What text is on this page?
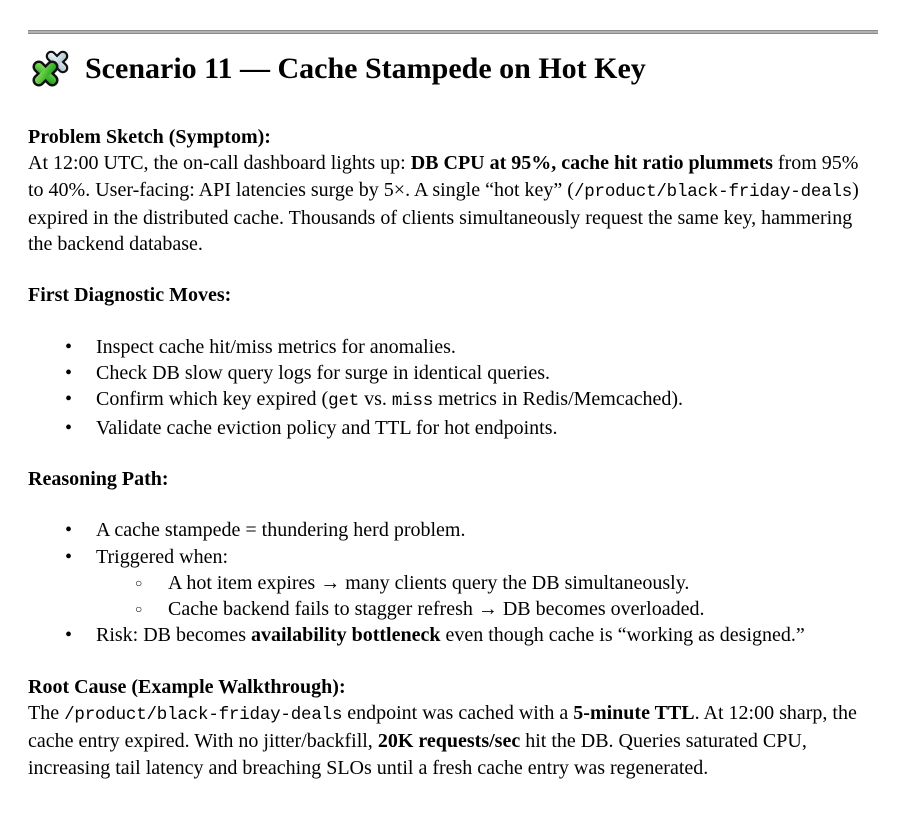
Scenario 11 — Cache Stampede on Hot Key
Problem Sketch (Symptom):

At 12:00 UTC, the on-call dashboard lights up: DB CPU at 95%, cache hit ratio plummets from 95% to 40%. User-facing: API latencies surge by 5×. A single “hot key” (/product/black-friday-deals) expired in the distributed cache. Thousands of clients simultaneously request the same key, hammering the backend database.

First Diagnostic Moves:
• Inspect cache hit/miss metrics for anomalies.
• Check DB slow query logs for surge in identical queries.
• Confirm which key expired (get vs. miss metrics in Redis/Memcached).
• Validate cache eviction policy and TTL for hot endpoints.
Reasoning Path:
• A cache stampede = thundering herd problem.
• Triggered when:
○ A hot item expires → many clients query the DB simultaneously.
○ Cache backend fails to stagger refresh → DB becomes overloaded.
• Risk: DB becomes availability bottleneck even though cache is “working as designed.”
Root Cause (Example Walkthrough):

The /product/black-friday-deals endpoint was cached with a 5-minute TTL. At 12:00 sharp, the cache entry expired. With no jitter/backfill, 20K requests/sec hit the DB. Queries saturated CPU, increasing tail latency and breaching SLOs until a fresh cache entry was regenerated.
